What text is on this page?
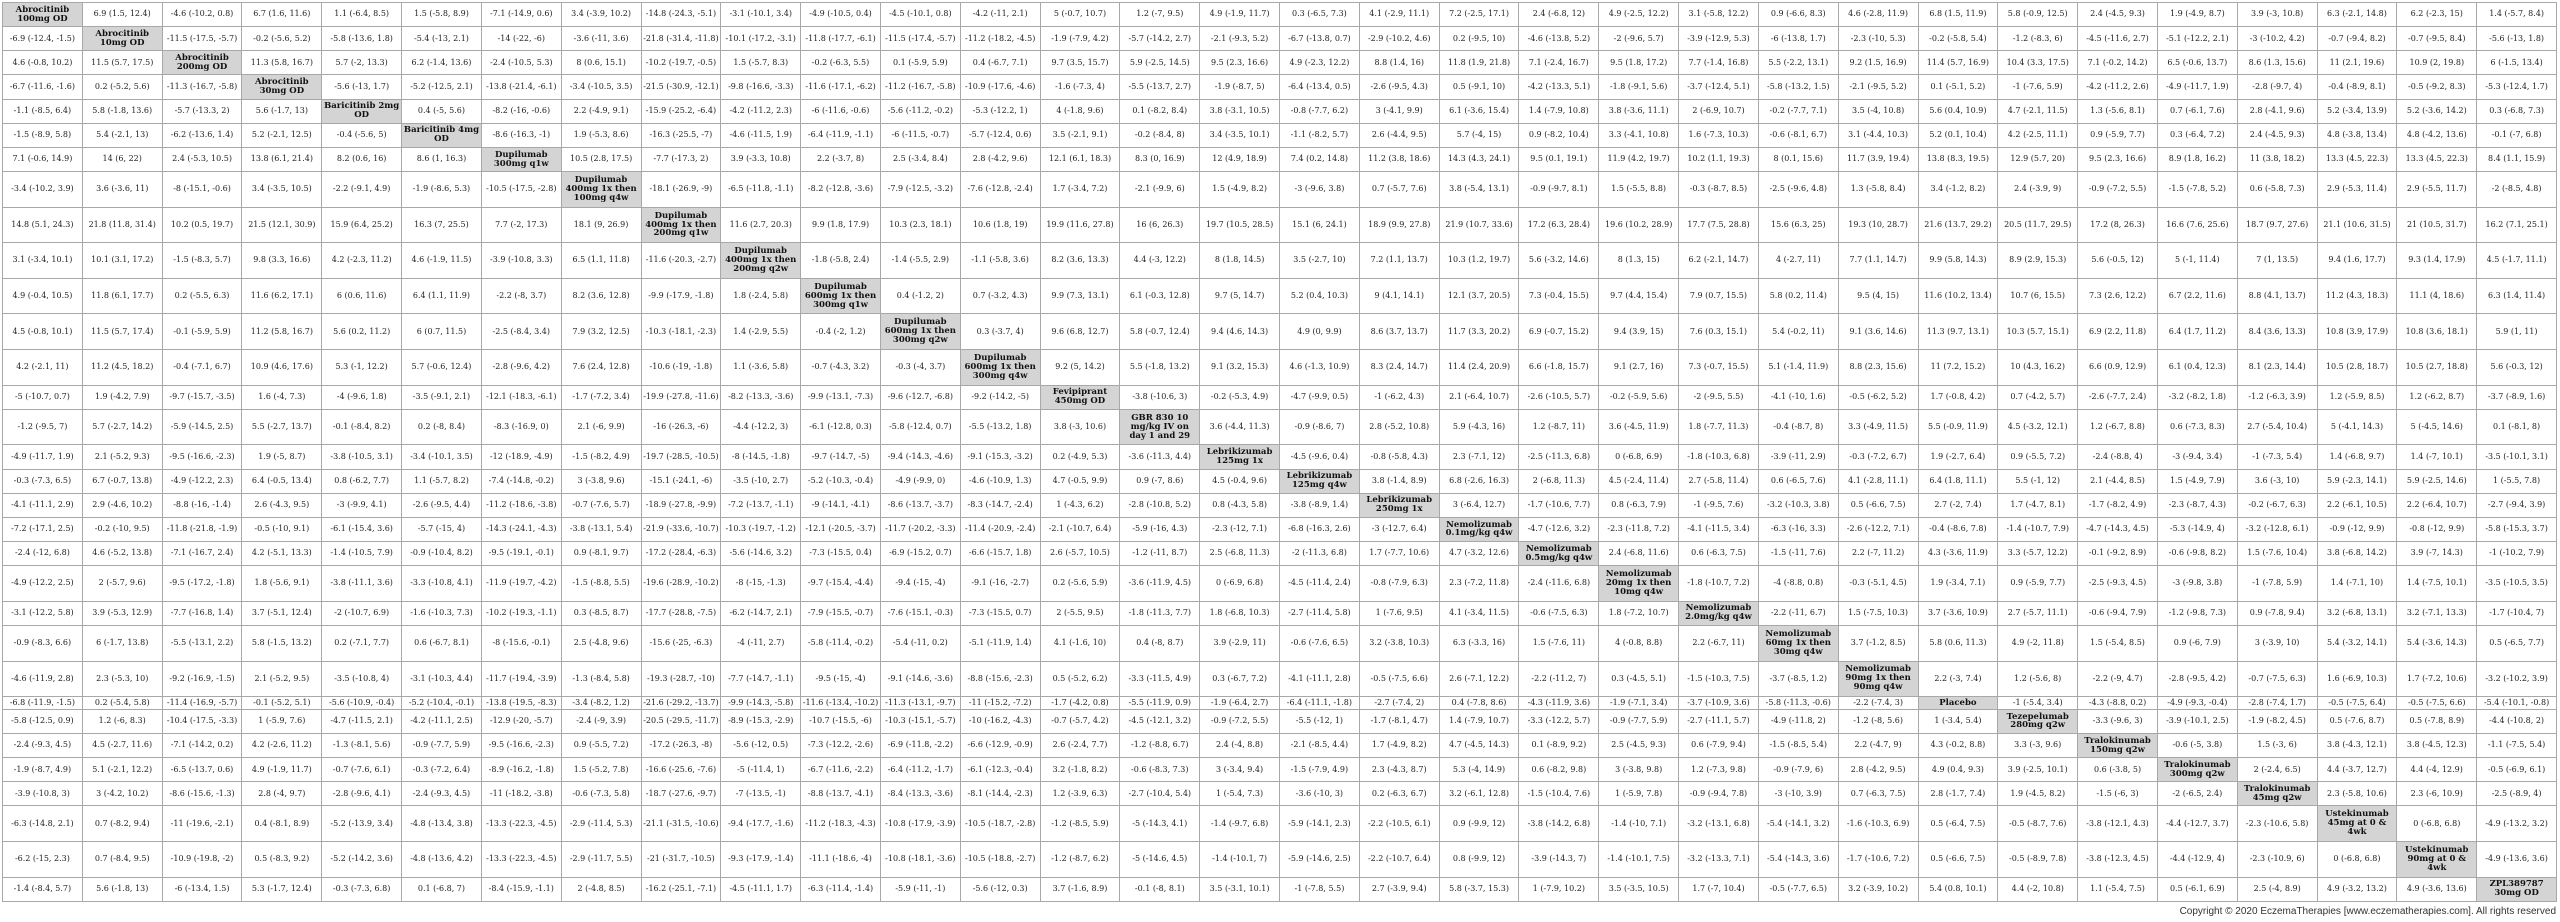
Abrocitinib 100mg OD	6.9 (1.5, 12.4)	-4.6 (-10.2, 0.8)	6.7 (1.6, 11.6)	1.1 (-6.4, 8.5)	1.5 (-5.8, 8.9)	-7.1 (-14.9, 0.6)	3.4 (-3.9, 10.2)	-14.8 (-24.3, -5.1)	-3.1 (-10.1, 3.4)	-4.9 (-10.5, 0.4)	-4.5 (-10.1, 0.8)	-4.2 (-11, 2.1)	5 (-0.7, 10.7)	1.2 (-7, 9.5)	4.9 (-1.9, 11.7)	0.3 (-6.5, 7.3)	4.1 (-2.9, 11.1)	7.2 (-2.5, 17.1)	2.4 (-6.8, 12)	4.9 (-2.5, 12.2)	3.1 (-5.8, 12.2)	0.9 (-6.6, 8.3)	4.6 (-2.8, 11.9)	6.8 (1.5, 11.9)	5.8 (-0.9, 12.5)	2.4 (-4.5, 9.3)	1.9 (-4.9, 8.7)	3.9 (-3, 10.8)	6.3 (-2.1, 14.8)	6.2 (-2.3, 15)	1.4 (-5.7, 8.4)
-6.9 (-12.4, -1.5)	Abrocitinib 10mg OD	-11.5 (-17.5, -5.7)	-0.2 (-5.6, 5.2)	-5.8 (-13.6, 1.8)	-5.4 (-13, 2.1)	-14 (-22, -6)	-3.6 (-11, 3.6)	-21.8 (-31.4, -11.8)	-10.1 (-17.2, -3.1)	-11.8 (-17.7, -6.1)	-11.5 (-17.4, -5.7)	-11.2 (-18.2, -4.5)	-1.9 (-7.9, 4.2)	-5.7 (-14.2, 2.7)	-2.1 (-9.3, 5.2)	-6.7 (-13.8, 0.7)	-2.9 (-10.2, 4.6)	0.2 (-9.5, 10)	-4.6 (-13.8, 5.2)	-2 (-9.6, 5.7)	-3.9 (-12.9, 5.3)	-6 (-13.8, 1.7)	-2.3 (-10, 5.3)	-0.2 (-5.8, 5.4)	-1.2 (-8.3, 6)	-4.5 (-11.6, 2.7)	-5.1 (-12.2, 2.1)	-3 (-10.2, 4.2)	-0.7 (-9.4, 8.2)	-0.7 (-9.5, 8.4)	-5.6 (-13, 1.8)
4.6 (-0.8, 10.2)	11.5 (5.7, 17.5)	Abrocitinib 200mg OD	11.3 (5.8, 16.7)	5.7 (-2, 13.3)	6.2 (-1.4, 13.6)	-2.4 (-10.5, 5.3)	8 (0.6, 15.1)	-10.2 (-19.7, -0.5)	1.5 (-5.7, 8.3)	-0.2 (-6.3, 5.5)	0.1 (-5.9, 5.9)	0.4 (-6.7, 7.1)	9.7 (3.5, 15.7)	5.9 (-2.5, 14.5)	9.5 (2.3, 16.6)	4.9 (-2.3, 12.2)	8.8 (1.4, 16)	11.8 (1.9, 21.8)	7.1 (-2.4, 16.7)	9.5 (1.8, 17.2)	7.7 (-1.4, 16.8)	5.5 (-2.2, 13.1)	9.2 (1.5, 16.9)	11.4 (5.7, 16.9)	10.4 (3.3, 17.5)	7.1 (-0.2, 14.2)	6.5 (-0.6, 13.7)	8.6 (1.3, 15.6)	11 (2.1, 19.6)	10.9 (2, 19.8)	6 (-1.5, 13.4)
-6.7 (-11.6, -1.6)	0.2 (-5.2, 5.6)	-11.3 (-16.7, -5.8)	Abrocitinib 30mg OD	-5.6 (-13, 1.7)	-5.2 (-12.5, 2.1)	-13.8 (-21.4, -6.1)	-3.4 (-10.5, 3.5)	-21.5 (-30.9, -12.1)	-9.8 (-16.6, -3.3)	-11.6 (-17.1, -6.2)	-11.2 (-16.7, -5.8)	-10.9 (-17.6, -4.6)	-1.6 (-7.3, 4)	-5.5 (-13.7, 2.7)	-1.9 (-8.7, 5)	-6.4 (-13.4, 0.5)	-2.6 (-9.5, 4.3)	0.5 (-9.1, 10)	-4.2 (-13.3, 5.1)	-1.8 (-9.1, 5.6)	-3.7 (-12.4, 5.1)	-5.8 (-13.2, 1.5)	-2.1 (-9.5, 5.2)	0.1 (-5.1, 5.2)	-1 (-7.6, 5.9)	-4.2 (-11.2, 2.6)	-4.9 (-11.7, 1.9)	-2.8 (-9.7, 4)	-0.4 (-8.9, 8.1)	-0.5 (-9.2, 8.3)	-5.3 (-12.4, 1.7)
-1.1 (-8.5, 6.4)	5.8 (-1.8, 13.6)	-5.7 (-13.3, 2)	5.6 (-1.7, 13)	Baricitinib 2mg OD	0.4 (-5, 5.6)	-8.2 (-16, -0.6)	2.2 (-4.9, 9.1)	-15.9 (-25.2, -6.4)	-4.2 (-11.2, 2.3)	-6 (-11.6, -0.6)	-5.6 (-11.2, -0.2)	-5.3 (-12.2, 1)	4 (-1.8, 9.6)	0.1 (-8.2, 8.4)	3.8 (-3.1, 10.5)	-0.8 (-7.7, 6.2)	3 (-4.1, 9.9)	6.1 (-3.6, 15.4)	1.4 (-7.9, 10.8)	3.8 (-3.6, 11.1)	2 (-6.9, 10.7)	-0.2 (-7.7, 7.1)	3.5 (-4, 10.8)	5.6 (0.4, 10.9)	4.7 (-2.1, 11.5)	1.3 (-5.6, 8.1)	0.7 (-6.1, 7.6)	2.8 (-4.1, 9.6)	5.2 (-3.4, 13.9)	5.2 (-3.6, 14.2)	0.3 (-6.8, 7.3)
-1.5 (-8.9, 5.8)	5.4 (-2.1, 13)	-6.2 (-13.6, 1.4)	5.2 (-2.1, 12.5)	-0.4 (-5.6, 5)	Baricitinib 4mg OD	-8.6 (-16.3, -1)	1.9 (-5.3, 8.6)	-16.3 (-25.5, -7)	-4.6 (-11.5, 1.9)	-6.4 (-11.9, -1.1)	-6 (-11.5, -0.7)	-5.7 (-12.4, 0.6)	3.5 (-2.1, 9.1)	-0.2 (-8.4, 8)	3.4 (-3.5, 10.1)	-1.1 (-8.2, 5.7)	2.6 (-4.4, 9.5)	5.7 (-4, 15)	0.9 (-8.2, 10.4)	3.3 (-4.1, 10.8)	1.6 (-7.3, 10.3)	-0.6 (-8.1, 6.7)	3.1 (-4.4, 10.3)	5.2 (0.1, 10.4)	4.2 (-2.5, 11.1)	0.9 (-5.9, 7.7)	0.3 (-6.4, 7.2)	2.4 (-4.5, 9.3)	4.8 (-3.8, 13.4)	4.8 (-4.2, 13.6)	-0.1 (-7, 6.8)
7.1 (-0.6, 14.9)	14 (6, 22)	2.4 (-5.3, 10.5)	13.8 (6.1, 21.4)	8.2 (0.6, 16)	8.6 (1, 16.3)	Dupilumab 300mg q1w	10.5 (2.8, 17.5)	-7.7 (-17.3, 2)	3.9 (-3.3, 10.8)	2.2 (-3.7, 8)	2.5 (-3.4, 8.4)	2.8 (-4.2, 9.6)	12.1 (6.1, 18.3)	8.3 (0, 16.9)	12 (4.9, 18.9)	7.4 (0.2, 14.8)	11.2 (3.8, 18.6)	14.3 (4.3, 24.1)	9.5 (0.1, 19.1)	11.9 (4.2, 19.7)	10.2 (1.1, 19.3)	8 (0.1, 15.6)	11.7 (3.9, 19.4)	13.8 (8.3, 19.5)	12.9 (5.7, 20)	9.5 (2.3, 16.6)	8.9 (1.8, 16.2)	11 (3.8, 18.2)	13.3 (4.5, 22.3)	13.3 (4.5, 22.3)	8.4 (1.1, 15.9)
-3.4 (-10.2, 3.9)	3.6 (-3.6, 11)	-8 (-15.1, -0.6)	3.4 (-3.5, 10.5)	-2.2 (-9.1, 4.9)	-1.9 (-8.6, 5.3)	-10.5 (-17.5, -2.8)	Dupilumab 400mg 1x then 100mg q4w	-18.1 (-26.9, -9)	-6.5 (-11.8, -1.1)	-8.2 (-12.8, -3.6)	-7.9 (-12.5, -3.2)	-7.6 (-12.8, -2.4)	1.7 (-3.4, 7.2)	-2.1 (-9.9, 6)	1.5 (-4.9, 8.2)	-3 (-9.6, 3.8)	0.7 (-5.7, 7.6)	3.8 (-5.4, 13.1)	-0.9 (-9.7, 8.1)	1.5 (-5.5, 8.8)	-0.3 (-8.7, 8.5)	-2.5 (-9.6, 4.8)	1.3 (-5.8, 8.4)	3.4 (-1.2, 8.2)	2.4 (-3.9, 9)	-0.9 (-7.2, 5.5)	-1.5 (-7.8, 5.2)	0.6 (-5.8, 7.3)	2.9 (-5.3, 11.4)	2.9 (-5.5, 11.7)	-2 (-8.5, 4.8)
14.8 (5.1, 24.3)	21.8 (11.8, 31.4)	10.2 (0.5, 19.7)	21.5 (12.1, 30.9)	15.9 (6.4, 25.2)	16.3 (7, 25.5)	7.7 (-2, 17.3)	18.1 (9, 26.9)	Dupilumab 400mg 1x then 200mg q1w	11.6 (2.7, 20.3)	9.9 (1.8, 17.9)	10.3 (2.3, 18.1)	10.6 (1.8, 19)	19.9 (11.6, 27.8)	16 (6, 26.3)	19.7 (10.5, 28.5)	15.1 (6, 24.1)	18.9 (9.9, 27.8)	21.9 (10.7, 33.6)	17.2 (6.3, 28.4)	19.6 (10.2, 28.9)	17.7 (7.5, 28.8)	15.6 (6.3, 25)	19.3 (10, 28.7)	21.6 (13.7, 29.2)	20.5 (11.7, 29.5)	17.2 (8, 26.3)	16.6 (7.6, 25.6)	18.7 (9.7, 27.6)	21.1 (10.6, 31.5)	21 (10.5, 31.7)	16.2 (7.1, 25.1)
3.1 (-3.4, 10.1)	10.1 (3.1, 17.2)	-1.5 (-8.3, 5.7)	9.8 (3.3, 16.6)	4.2 (-2.3, 11.2)	4.6 (-1.9, 11.5)	-3.9 (-10.8, 3.3)	6.5 (1.1, 11.8)	-11.6 (-20.3, -2.7)	Dupilumab 400mg 1x then 200mg q2w	-1.8 (-5.8, 2.4)	-1.4 (-5.5, 2.9)	-1.1 (-5.8, 3.6)	8.2 (3.6, 13.3)	4.4 (-3, 12.2)	8 (1.8, 14.5)	3.5 (-2.7, 10)	7.2 (1.1, 13.7)	10.3 (1.2, 19.7)	5.6 (-3.2, 14.6)	8 (1.3, 15)	6.2 (-2.1, 14.7)	4 (-2.7, 11)	7.7 (1.1, 14.7)	9.9 (5.8, 14.3)	8.9 (2.9, 15.3)	5.6 (-0.5, 12)	5 (-1, 11.4)	7 (1, 13.5)	9.4 (1.6, 17.7)	9.3 (1.4, 17.9)	4.5 (-1.7, 11.1)
4.9 (-0.4, 10.5)	11.8 (6.1, 17.7)	0.2 (-5.5, 6.3)	11.6 (6.2, 17.1)	6 (0.6, 11.6)	6.4 (1.1, 11.9)	-2.2 (-8, 3.7)	8.2 (3.6, 12.8)	-9.9 (-17.9, -1.8)	1.8 (-2.4, 5.8)	Dupilumab 600mg 1x then 300mg q1w	0.4 (-1.2, 2)	0.7 (-3.2, 4.3)	9.9 (7.3, 13.1)	6.1 (-0.3, 12.8)	9.7 (5, 14.7)	5.2 (0.4, 10.3)	9 (4.1, 14.1)	12.1 (3.7, 20.5)	7.3 (-0.4, 15.5)	9.7 (4.4, 15.4)	7.9 (0.7, 15.5)	5.8 (0.2, 11.4)	9.5 (4, 15)	11.6 (10.2, 13.4)	10.7 (6, 15.5)	7.3 (2.6, 12.2)	6.7 (2.2, 11.6)	8.8 (4.1, 13.7)	11.2 (4.3, 18.3)	11.1 (4, 18.6)	6.3 (1.4, 11.4)
4.5 (-0.8, 10.1)	11.5 (5.7, 17.4)	-0.1 (-5.9, 5.9)	11.2 (5.8, 16.7)	5.6 (0.2, 11.2)	6 (0.7, 11.5)	-2.5 (-8.4, 3.4)	7.9 (3.2, 12.5)	-10.3 (-18.1, -2.3)	1.4 (-2.9, 5.5)	-0.4 (-2, 1.2)	Dupilumab 600mg 1x then 300mg q2w	0.3 (-3.7, 4)	9.6 (6.8, 12.7)	5.8 (-0.7, 12.4)	9.4 (4.6, 14.3)	4.9 (0, 9.9)	8.6 (3.7, 13.7)	11.7 (3.3, 20.2)	6.9 (-0.7, 15.2)	9.4 (3.9, 15)	7.6 (0.3, 15.1)	5.4 (-0.2, 11)	9.1 (3.6, 14.6)	11.3 (9.7, 13.1)	10.3 (5.7, 15.1)	6.9 (2.2, 11.8)	6.4 (1.7, 11.2)	8.4 (3.6, 13.3)	10.8 (3.9, 17.9)	10.8 (3.6, 18.1)	5.9 (1, 11)
4.2 (-2.1, 11)	11.2 (4.5, 18.2)	-0.4 (-7.1, 6.7)	10.9 (4.6, 17.6)	5.3 (-1, 12.2)	5.7 (-0.6, 12.4)	-2.8 (-9.6, 4.2)	7.6 (2.4, 12.8)	-10.6 (-19, -1.8)	1.1 (-3.6, 5.8)	-0.7 (-4.3, 3.2)	-0.3 (-4, 3.7)	Dupilumab 600mg 1x then 300mg q4w	9.2 (5, 14.2)	5.5 (-1.8, 13.2)	9.1 (3.2, 15.3)	4.6 (-1.3, 10.9)	8.3 (2.4, 14.7)	11.4 (2.4, 20.9)	6.6 (-1.8, 15.7)	9.1 (2.7, 16)	7.3 (-0.7, 15.5)	5.1 (-1.4, 11.9)	8.8 (2.3, 15.6)	11 (7.2, 15.2)	10 (4.3, 16.2)	6.6 (0.9, 12.9)	6.1 (0.4, 12.3)	8.1 (2.3, 14.4)	10.5 (2.8, 18.7)	10.5 (2.7, 18.8)	5.6 (-0.3, 12)
-5 (-10.7, 0.7)	1.9 (-4.2, 7.9)	-9.7 (-15.7, -3.5)	1.6 (-4, 7.3)	-4 (-9.6, 1.8)	-3.5 (-9.1, 2.1)	-12.1 (-18.3, -6.1)	-1.7 (-7.2, 3.4)	-19.9 (-27.8, -11.6)	-8.2 (-13.3, -3.6)	-9.9 (-13.1, -7.3)	-9.6 (-12.7, -6.8)	-9.2 (-14.2, -5)	Fevipiprant 450mg OD	-3.8 (-10.6, 3)	-0.2 (-5.3, 4.9)	-4.7 (-9.9, 0.5)	-1 (-6.2, 4.3)	2.1 (-6.4, 10.7)	-2.6 (-10.5, 5.7)	-0.2 (-5.9, 5.6)	-2 (-9.5, 5.5)	-4.1 (-10, 1.6)	-0.5 (-6.2, 5.2)	1.7 (-0.8, 4.2)	0.7 (-4.2, 5.7)	-2.6 (-7.7, 2.4)	-3.2 (-8.2, 1.8)	-1.2 (-6.3, 3.9)	1.2 (-5.9, 8.5)	1.2 (-6.2, 8.7)	-3.7 (-8.9, 1.6)
-1.2 (-9.5, 7)	5.7 (-2.7, 14.2)	-5.9 (-14.5, 2.5)	5.5 (-2.7, 13.7)	-0.1 (-8.4, 8.2)	0.2 (-8, 8.4)	-8.3 (-16.9, 0)	2.1 (-6, 9.9)	-16 (-26.3, -6)	-4.4 (-12.2, 3)	-6.1 (-12.8, 0.3)	-5.8 (-12.4, 0.7)	-5.5 (-13.2, 1.8)	3.8 (-3, 10.6)	GBR 830 10 mg/kg IV on day 1 and 29	3.6 (-4.4, 11.3)	-0.9 (-8.6, 7)	2.8 (-5.2, 10.8)	5.9 (-4.3, 16)	1.2 (-8.7, 11)	3.6 (-4.5, 11.9)	1.8 (-7.7, 11.3)	-0.4 (-8.7, 8)	3.3 (-4.9, 11.5)	5.5 (-0.9, 11.9)	4.5 (-3.2, 12.1)	1.2 (-6.7, 8.8)	0.6 (-7.3, 8.3)	2.7 (-5.4, 10.4)	5 (-4.1, 14.3)	5 (-4.5, 14.6)	0.1 (-8.1, 8)
-4.9 (-11.7, 1.9)	2.1 (-5.2, 9.3)	-9.5 (-16.6, -2.3)	1.9 (-5, 8.7)	-3.8 (-10.5, 3.1)	-3.4 (-10.1, 3.5)	-12 (-18.9, -4.9)	-1.5 (-8.2, 4.9)	-19.7 (-28.5, -10.5)	-8 (-14.5, -1.8)	-9.7 (-14.7, -5)	-9.4 (-14.3, -4.6)	-9.1 (-15.3, -3.2)	0.2 (-4.9, 5.3)	-3.6 (-11.3, 4.4)	Lebrikizumab 125mg 1x	-4.5 (-9.6, 0.4)	-0.8 (-5.8, 4.3)	2.3 (-7.1, 12)	-2.5 (-11.3, 6.8)	0 (-6.8, 6.9)	-1.8 (-10.3, 6.8)	-3.9 (-11, 2.9)	-0.3 (-7.2, 6.7)	1.9 (-2.7, 6.4)	0.9 (-5.5, 7.2)	-2.4 (-8.8, 4)	-3 (-9.4, 3.4)	-1 (-7.3, 5.4)	1.4 (-6.8, 9.7)	1.4 (-7, 10.1)	-3.5 (-10.1, 3.1)
-0.3 (-7.3, 6.5)	6.7 (-0.7, 13.8)	-4.9 (-12.2, 2.3)	6.4 (-0.5, 13.4)	0.8 (-6.2, 7.7)	1.1 (-5.7, 8.2)	-7.4 (-14.8, -0.2)	3 (-3.8, 9.6)	-15.1 (-24.1, -6)	-3.5 (-10, 2.7)	-5.2 (-10.3, -0.4)	-4.9 (-9.9, 0)	-4.6 (-10.9, 1.3)	4.7 (-0.5, 9.9)	0.9 (-7, 8.6)	4.5 (-0.4, 9.6)	Lebrikizumab 125mg q4w	3.8 (-1.4, 8.9)	6.8 (-2.6, 16.3)	2 (-6.8, 11.3)	4.5 (-2.4, 11.4)	2.7 (-5.8, 11.4)	0.6 (-6.5, 7.6)	4.1 (-2.8, 11.1)	6.4 (1.8, 11.1)	5.5 (-1, 12)	2.1 (-4.4, 8.5)	1.5 (-4.9, 7.9)	3.6 (-3, 10)	5.9 (-2.3, 14.1)	5.9 (-2.5, 14.6)	1 (-5.5, 7.8)
-4.1 (-11.1, 2.9)	2.9 (-4.6, 10.2)	-8.8 (-16, -1.4)	2.6 (-4.3, 9.5)	-3 (-9.9, 4.1)	-2.6 (-9.5, 4.4)	-11.2 (-18.6, -3.8)	-0.7 (-7.6, 5.7)	-18.9 (-27.8, -9.9)	-7.2 (-13.7, -1.1)	-9 (-14.1, -4.1)	-8.6 (-13.7, -3.7)	-8.3 (-14.7, -2.4)	1 (-4.3, 6.2)	-2.8 (-10.8, 5.2)	0.8 (-4.3, 5.8)	-3.8 (-8.9, 1.4)	Lebrikizumab 250mg 1x	3 (-6.4, 12.7)	-1.7 (-10.6, 7.7)	0.8 (-6.3, 7.9)	-1 (-9.5, 7.6)	-3.2 (-10.3, 3.8)	0.5 (-6.6, 7.5)	2.7 (-2, 7.4)	1.7 (-4.7, 8.1)	-1.7 (-8.2, 4.9)	-2.3 (-8.7, 4.3)	-0.2 (-6.7, 6.3)	2.2 (-6.1, 10.5)	2.2 (-6.4, 10.7)	-2.7 (-9.4, 3.9)
-7.2 (-17.1, 2.5)	-0.2 (-10, 9.5)	-11.8 (-21.8, -1.9)	-0.5 (-10, 9.1)	-6.1 (-15.4, 3.6)	-5.7 (-15, 4)	-14.3 (-24.1, -4.3)	-3.8 (-13.1, 5.4)	-21.9 (-33.6, -10.7)	-10.3 (-19.7, -1.2)	-12.1 (-20.5, -3.7)	-11.7 (-20.2, -3.3)	-11.4 (-20.9, -2.4)	-2.1 (-10.7, 6.4)	-5.9 (-16, 4.3)	-2.3 (-12, 7.1)	-6.8 (-16.3, 2.6)	-3 (-12.7, 6.4)	Nemolizumab 0.1mg/kg q4w	-4.7 (-12.6, 3.2)	-2.3 (-11.8, 7.2)	-4.1 (-11.5, 3.4)	-6.3 (-16, 3.3)	-2.6 (-12.2, 7.1)	-0.4 (-8.6, 7.8)	-1.4 (-10.7, 7.9)	-4.7 (-14.3, 4.5)	-5.3 (-14.9, 4)	-3.2 (-12.8, 6.1)	-0.9 (-12, 9.9)	-0.8 (-12, 9.9)	-5.8 (-15.3, 3.7)
-2.4 (-12, 6.8)	4.6 (-5.2, 13.8)	-7.1 (-16.7, 2.4)	4.2 (-5.1, 13.3)	-1.4 (-10.5, 7.9)	-0.9 (-10.4, 8.2)	-9.5 (-19.1, -0.1)	0.9 (-8.1, 9.7)	-17.2 (-28.4, -6.3)	-5.6 (-14.6, 3.2)	-7.3 (-15.5, 0.4)	-6.9 (-15.2, 0.7)	-6.6 (-15.7, 1.8)	2.6 (-5.7, 10.5)	-1.2 (-11, 8.7)	2.5 (-6.8, 11.3)	-2 (-11.3, 6.8)	1.7 (-7.7, 10.6)	4.7 (-3.2, 12.6)	Nemolizumab 0.5mg/kg q4w	2.4 (-6.8, 11.6)	0.6 (-6.3, 7.5)	-1.5 (-11, 7.6)	2.2 (-7, 11.2)	4.3 (-3.6, 11.9)	3.3 (-5.7, 12.2)	-0.1 (-9.2, 8.9)	-0.6 (-9.8, 8.2)	1.5 (-7.6, 10.4)	3.8 (-6.8, 14.2)	3.9 (-7, 14.3)	-1 (-10.2, 7.9)
-4.9 (-12.2, 2.5)	2 (-5.7, 9.6)	-9.5 (-17.2, -1.8)	1.8 (-5.6, 9.1)	-3.8 (-11.1, 3.6)	-3.3 (-10.8, 4.1)	-11.9 (-19.7, -4.2)	-1.5 (-8.8, 5.5)	-19.6 (-28.9, -10.2)	-8 (-15, -1.3)	-9.7 (-15.4, -4.4)	-9.4 (-15, -4)	-9.1 (-16, -2.7)	0.2 (-5.6, 5.9)	-3.6 (-11.9, 4.5)	0 (-6.9, 6.8)	-4.5 (-11.4, 2.4)	-0.8 (-7.9, 6.3)	2.3 (-7.2, 11.8)	-2.4 (-11.6, 6.8)	Nemolizumab 20mg 1x then 10mg q4w	-1.8 (-10.7, 7.2)	-4 (-8.8, 0.8)	-0.3 (-5.1, 4.5)	1.9 (-3.4, 7.1)	0.9 (-5.9, 7.7)	-2.5 (-9.3, 4.5)	-3 (-9.8, 3.8)	-1 (-7.8, 5.9)	1.4 (-7.1, 10)	1.4 (-7.5, 10.1)	-3.5 (-10.5, 3.5)
-3.1 (-12.2, 5.8)	3.9 (-5.3, 12.9)	-7.7 (-16.8, 1.4)	3.7 (-5.1, 12.4)	-2 (-10.7, 6.9)	-1.6 (-10.3, 7.3)	-10.2 (-19.3, -1.1)	0.3 (-8.5, 8.7)	-17.7 (-28.8, -7.5)	-6.2 (-14.7, 2.1)	-7.9 (-15.5, -0.7)	-7.6 (-15.1, -0.3)	-7.3 (-15.5, 0.7)	2 (-5.5, 9.5)	-1.8 (-11.3, 7.7)	1.8 (-6.8, 10.3)	-2.7 (-11.4, 5.8)	1 (-7.6, 9.5)	4.1 (-3.4, 11.5)	-0.6 (-7.5, 6.3)	1.8 (-7.2, 10.7)	Nemolizumab 2.0mg/kg q4w	-2.2 (-11, 6.7)	1.5 (-7.5, 10.3)	3.7 (-3.6, 10.9)	2.7 (-5.7, 11.1)	-0.6 (-9.4, 7.9)	-1.2 (-9.8, 7.3)	0.9 (-7.8, 9.4)	3.2 (-6.8, 13.1)	3.2 (-7.1, 13.3)	-1.7 (-10.4, 7)
-0.9 (-8.3, 6.6)	6 (-1.7, 13.8)	-5.5 (-13.1, 2.2)	5.8 (-1.5, 13.2)	0.2 (-7.1, 7.7)	0.6 (-6.7, 8.1)	-8 (-15.6, -0.1)	2.5 (-4.8, 9.6)	-15.6 (-25, -6.3)	-4 (-11, 2.7)	-5.8 (-11.4, -0.2)	-5.4 (-11, 0.2)	-5.1 (-11.9, 1.4)	4.1 (-1.6, 10)	0.4 (-8, 8.7)	3.9 (-2.9, 11)	-0.6 (-7.6, 6.5)	3.2 (-3.8, 10.3)	6.3 (-3.3, 16)	1.5 (-7.6, 11)	4 (-0.8, 8.8)	2.2 (-6.7, 11)	Nemolizumab 60mg 1x then 30mg q4w	3.7 (-1.2, 8.5)	5.8 (0.6, 11.3)	4.9 (-2, 11.8)	1.5 (-5.4, 8.5)	0.9 (-6, 7.9)	3 (-3.9, 10)	5.4 (-3.2, 14.1)	5.4 (-3.6, 14.3)	0.5 (-6.5, 7.7)
-4.6 (-11.9, 2.8)	2.3 (-5.3, 10)	-9.2 (-16.9, -1.5)	2.1 (-5.2, 9.5)	-3.5 (-10.8, 4)	-3.1 (-10.3, 4.4)	-11.7 (-19.4, -3.9)	-1.3 (-8.4, 5.8)	-19.3 (-28.7, -10)	-7.7 (-14.7, -1.1)	-9.5 (-15, -4)	-9.1 (-14.6, -3.6)	-8.8 (-15.6, -2.3)	0.5 (-5.2, 6.2)	-3.3 (-11.5, 4.9)	0.3 (-6.7, 7.2)	-4.1 (-11.1, 2.8)	-0.5 (-7.5, 6.6)	2.6 (-7.1, 12.2)	-2.2 (-11.2, 7)	0.3 (-4.5, 5.1)	-1.5 (-10.3, 7.5)	-3.7 (-8.5, 1.2)	Nemolizumab 90mg 1x then 90mg q4w	2.2 (-3, 7.4)	1.2 (-5.6, 8)	-2.2 (-9, 4.7)	-2.8 (-9.5, 4.2)	-0.7 (-7.5, 6.3)	1.6 (-6.9, 10.3)	1.7 (-7.2, 10.6)	-3.2 (-10.2, 3.9)
-6.8 (-11.9, -1.5)	0.2 (-5.4, 5.8)	-11.4 (-16.9, -5.7)	-0.1 (-5.2, 5.1)	-5.6 (-10.9, -0.4)	-5.2 (-10.4, -0.1)	-13.8 (-19.5, -8.3)	-3.4 (-8.2, 1.2)	-21.6 (-29.2, -13.7)	-9.9 (-14.3, -5.8)	-11.6 (-13.4, -10.2)	-11.3 (-13.1, -9.7)	-11 (-15.2, -7.2)	-1.7 (-4.2, 0.8)	-5.5 (-11.9, 0.9)	-1.9 (-6.4, 2.7)	-6.4 (-11.1, -1.8)	-2.7 (-7.4, 2)	0.4 (-7.8, 8.6)	-4.3 (-11.9, 3.6)	-1.9 (-7.1, 3.4)	-3.7 (-10.9, 3.6)	-5.8 (-11.3, -0.6)	-2.2 (-7.4, 3)	Placebo	-1 (-5.4, 3.4)	-4.3 (-8.8, 0.2)	-4.9 (-9.3, -0.4)	-2.8 (-7.4, 1.7)	-0.5 (-7.5, 6.4)	-0.5 (-7.5, 6.6)	-5.4 (-10.1, -0.8)
-5.8 (-12.5, 0.9)	1.2 (-6, 8.3)	-10.4 (-17.5, -3.3)	1 (-5.9, 7.6)	-4.7 (-11.5, 2.1)	-4.2 (-11.1, 2.5)	-12.9 (-20, -5.7)	-2.4 (-9, 3.9)	-20.5 (-29.5, -11.7)	-8.9 (-15.3, -2.9)	-10.7 (-15.5, -6)	-10.3 (-15.1, -5.7)	-10 (-16.2, -4.3)	-0.7 (-5.7, 4.2)	-4.5 (-12.1, 3.2)	-0.9 (-7.2, 5.5)	-5.5 (-12, 1)	-1.7 (-8.1, 4.7)	1.4 (-7.9, 10.7)	-3.3 (-12.2, 5.7)	-0.9 (-7.7, 5.9)	-2.7 (-11.1, 5.7)	-4.9 (-11.8, 2)	-1.2 (-8, 5.6)	1 (-3.4, 5.4)	Tezepelumab 280mg q2w	-3.3 (-9.6, 3)	-3.9 (-10.1, 2.5)	-1.9 (-8.2, 4.5)	0.5 (-7.6, 8.7)	0.5 (-7.8, 8.9)	-4.4 (-10.8, 2)
-2.4 (-9.3, 4.5)	4.5 (-2.7, 11.6)	-7.1 (-14.2, 0.2)	4.2 (-2.6, 11.2)	-1.3 (-8.1, 5.6)	-0.9 (-7.7, 5.9)	-9.5 (-16.6, -2.3)	0.9 (-5.5, 7.2)	-17.2 (-26.3, -8)	-5.6 (-12, 0.5)	-7.3 (-12.2, -2.6)	-6.9 (-11.8, -2.2)	-6.6 (-12.9, -0.9)	2.6 (-2.4, 7.7)	-1.2 (-8.8, 6.7)	2.4 (-4, 8.8)	-2.1 (-8.5, 4.4)	1.7 (-4.9, 8.2)	4.7 (-4.5, 14.3)	0.1 (-8.9, 9.2)	2.5 (-4.5, 9.3)	0.6 (-7.9, 9.4)	-1.5 (-8.5, 5.4)	2.2 (-4.7, 9)	4.3 (-0.2, 8.8)	3.3 (-3, 9.6)	Tralokinumab 150mg q2w	-0.6 (-5, 3.8)	1.5 (-3, 6)	3.8 (-4.3, 12.1)	3.8 (-4.5, 12.3)	-1.1 (-7.5, 5.4)
-1.9 (-8.7, 4.9)	5.1 (-2.1, 12.2)	-6.5 (-13.7, 0.6)	4.9 (-1.9, 11.7)	-0.7 (-7.6, 6.1)	-0.3 (-7.2, 6.4)	-8.9 (-16.2, -1.8)	1.5 (-5.2, 7.8)	-16.6 (-25.6, -7.6)	-5 (-11.4, 1)	-6.7 (-11.6, -2.2)	-6.4 (-11.2, -1.7)	-6.1 (-12.3, -0.4)	3.2 (-1.8, 8.2)	-0.6 (-8.3, 7.3)	3 (-3.4, 9.4)	-1.5 (-7.9, 4.9)	2.3 (-4.3, 8.7)	5.3 (-4, 14.9)	0.6 (-8.2, 9.8)	3 (-3.8, 9.8)	1.2 (-7.3, 9.8)	-0.9 (-7.9, 6)	2.8 (-4.2, 9.5)	4.9 (0.4, 9.3)	3.9 (-2.5, 10.1)	0.6 (-3.8, 5)	Tralokinumab 300mg q2w	2 (-2.4, 6.5)	4.4 (-3.7, 12.7)	4.4 (-4, 12.9)	-0.5 (-6.9, 6.1)
-3.9 (-10.8, 3)	3 (-4.2, 10.2)	-8.6 (-15.6, -1.3)	2.8 (-4, 9.7)	-2.8 (-9.6, 4.1)	-2.4 (-9.3, 4.5)	-11 (-18.2, -3.8)	-0.6 (-7.3, 5.8)	-18.7 (-27.6, -9.7)	-7 (-13.5, -1)	-8.8 (-13.7, -4.1)	-8.4 (-13.3, -3.6)	-8.1 (-14.4, -2.3)	1.2 (-3.9, 6.3)	-2.7 (-10.4, 5.4)	1 (-5.4, 7.3)	-3.6 (-10, 3)	0.2 (-6.3, 6.7)	3.2 (-6.1, 12.8)	-1.5 (-10.4, 7.6)	1 (-5.9, 7.8)	-0.9 (-9.4, 7.8)	-3 (-10, 3.9)	0.7 (-6.3, 7.5)	2.8 (-1.7, 7.4)	1.9 (-4.5, 8.2)	-1.5 (-6, 3)	-2 (-6.5, 2.4)	Tralokinumab 45mg q2w	2.3 (-5.8, 10.6)	2.3 (-6, 10.9)	-2.5 (-8.9, 4)
-6.3 (-14.8, 2.1)	0.7 (-8.2, 9.4)	-11 (-19.6, -2.1)	0.4 (-8.1, 8.9)	-5.2 (-13.9, 3.4)	-4.8 (-13.4, 3.8)	-13.3 (-22.3, -4.5)	-2.9 (-11.4, 5.3)	-21.1 (-31.5, -10.6)	-9.4 (-17.7, -1.6)	-11.2 (-18.3, -4.3)	-10.8 (-17.9, -3.9)	-10.5 (-18.7, -2.8)	-1.2 (-8.5, 5.9)	-5 (-14.3, 4.1)	-1.4 (-9.7, 6.8)	-5.9 (-14.1, 2.3)	-2.2 (-10.5, 6.1)	0.9 (-9.9, 12)	-3.8 (-14.2, 6.8)	-1.4 (-10, 7.1)	-3.2 (-13.1, 6.8)	-5.4 (-14.1, 3.2)	-1.6 (-10.3, 6.9)	0.5 (-6.4, 7.5)	-0.5 (-8.7, 7.6)	-3.8 (-12.1, 4.3)	-4.4 (-12.7, 3.7)	-2.3 (-10.6, 5.8)	Ustekinumab 45mg at 0 & 4wk	0 (-6.8, 6.8)	-4.9 (-13.2, 3.2)
-6.2 (-15, 2.3)	0.7 (-8.4, 9.5)	-10.9 (-19.8, -2)	0.5 (-8.3, 9.2)	-5.2 (-14.2, 3.6)	-4.8 (-13.6, 4.2)	-13.3 (-22.3, -4.5)	-2.9 (-11.7, 5.5)	-21 (-31.7, -10.5)	-9.3 (-17.9, -1.4)	-11.1 (-18.6, -4)	-10.8 (-18.1, -3.6)	-10.5 (-18.8, -2.7)	-1.2 (-8.7, 6.2)	-5 (-14.6, 4.5)	-1.4 (-10.1, 7)	-5.9 (-14.6, 2.5)	-2.2 (-10.7, 6.4)	0.8 (-9.9, 12)	-3.9 (-14.3, 7)	-1.4 (-10.1, 7.5)	-3.2 (-13.3, 7.1)	-5.4 (-14.3, 3.6)	-1.7 (-10.6, 7.2)	0.5 (-6.6, 7.5)	-0.5 (-8.9, 7.8)	-3.8 (-12.3, 4.5)	-4.4 (-12.9, 4)	-2.3 (-10.9, 6)	0 (-6.8, 6.8)	Ustekinumab 90mg at 0 & 4wk	-4.9 (-13.6, 3.6)
-1.4 (-8.4, 5.7)	5.6 (-1.8, 13)	-6 (-13.4, 1.5)	5.3 (-1.7, 12.4)	-0.3 (-7.3, 6.8)	0.1 (-6.8, 7)	-8.4 (-15.9, -1.1)	2 (-4.8, 8.5)	-16.2 (-25.1, -7.1)	-4.5 (-11.1, 1.7)	-6.3 (-11.4, -1.4)	-5.9 (-11, -1)	-5.6 (-12, 0.3)	3.7 (-1.6, 8.9)	-0.1 (-8, 8.1)	3.5 (-3.1, 10.1)	-1 (-7.8, 5.5)	2.7 (-3.9, 9.4)	5.8 (-3.7, 15.3)	1 (-7.9, 10.2)	3.5 (-3.5, 10.5)	1.7 (-7, 10.4)	-0.5 (-7.7, 6.5)	3.2 (-3.9, 10.2)	5.4 (0.8, 10.1)	4.4 (-2, 10.8)	1.1 (-5.4, 7.5)	0.5 (-6.1, 6.9)	2.5 (-4, 8.9)	4.9 (-3.2, 13.2)	4.9 (-3.6, 13.6)	ZPL389787 30mg OD
Copyright © 2020 EczemaTherapies [www.eczematherapies.com]. All rights reserved
